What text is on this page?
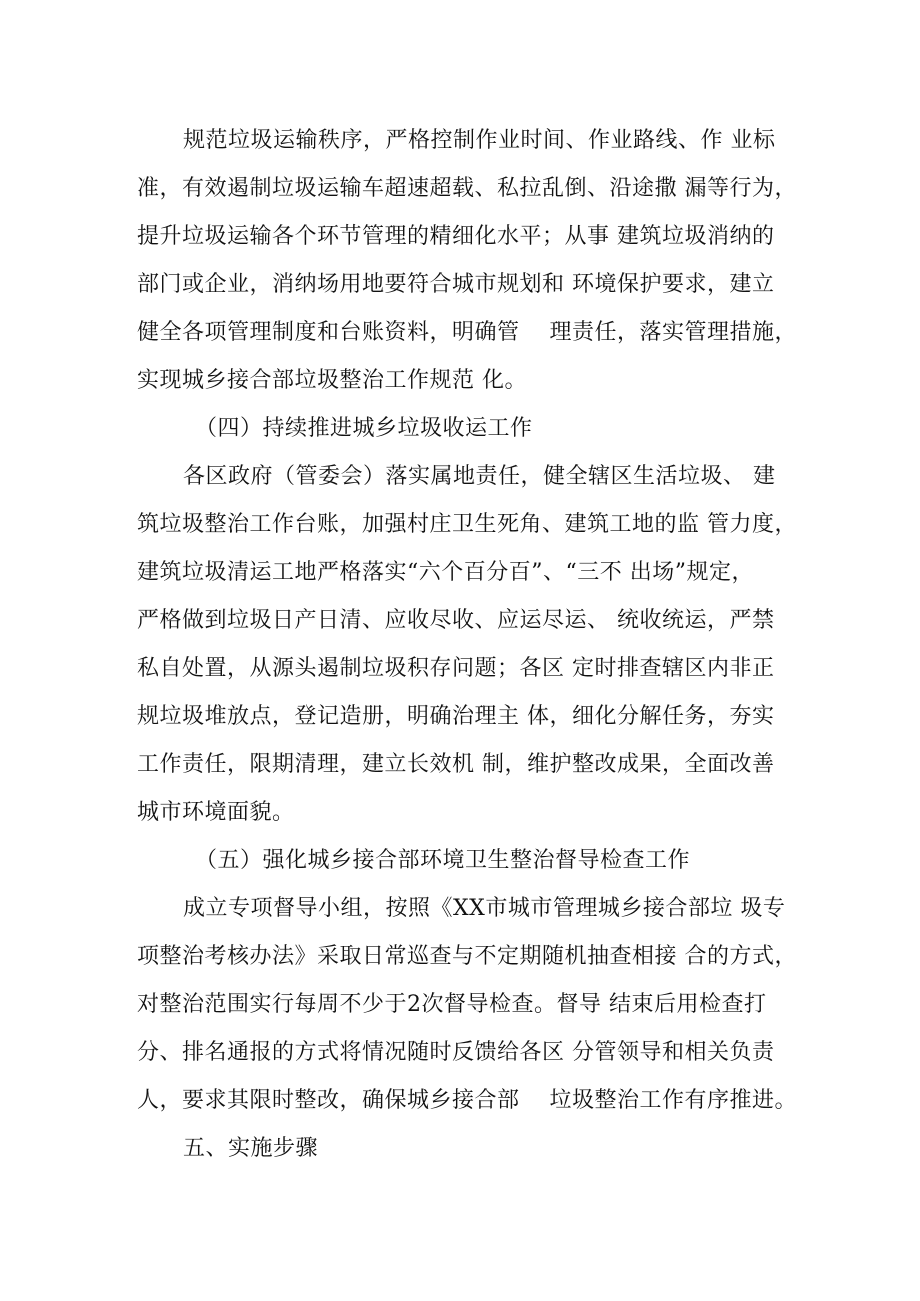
规范垃圾运输秩序，严格控制作业时间、作业路线、作 业标
准，有效遏制垃圾运输车超速超载、私拉乱倒、沿途撒 漏等行为，
提升垃圾运输各个环节管理的精细化水平；从事 建筑垃圾消纳的
部门或企业，消纳场用地要符合城市规划和 环境保护要求，建立
健全各项管理制度和台账资料，明确管　 理责任，落实管理措施，
实现城乡接合部垃圾整治工作规范 化。
（四）持续推进城乡垃圾收运工作
各区政府（管委会）落实属地责任，健全辖区生活垃圾、 建
筑垃圾整治工作台账，加强村庄卫生死角、建筑工地的监 管力度，
建筑垃圾清运工地严格落实“六个百分百”、“三不 出场”规定，
严格做到垃圾日产日清、应收尽收、应运尽运、 统收统运，严禁
私自处置，从源头遏制垃圾积存问题；各区 定时排查辖区内非正
规垃圾堆放点，登记造册，明确治理主 体，细化分解任务，夯实
工作责任，限期清理，建立长效机 制，维护整改成果，全面改善
城市环境面貌。
（五）强化城乡接合部环境卫生整治督导检查工作
成立专项督导小组，按照《XX市城市管理城乡接合部垃 圾专
项整治考核办法》采取日常巡查与不定期随机抽查相接 合的方式，
对整治范围实行每周不少于2次督导检查。督导 结束后用检查打
分、排名通报的方式将情况随时反馈给各区 分管领导和相关负责
人，要求其限时整改，确保城乡接合部　 垃圾整治工作有序推进。
五、实施步骤
